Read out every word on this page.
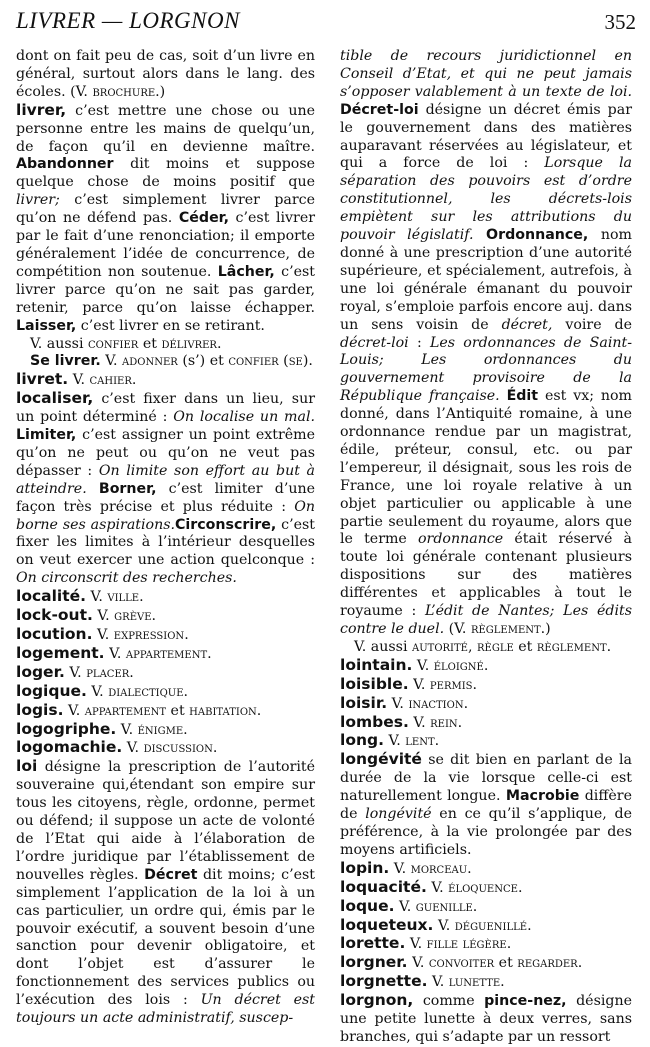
LIVRER — LORGNON	352

dont on fait peu de cas, soit d’un livre en général, surtout alors dans le lang. des écoles. (V. brochure.)

livrer, c’est mettre une chose ou une personne entre les mains de quelqu’un, de façon qu’il en devienne maître. Abandonner dit moins et suppose quelque chose de moins positif que livrer; c’est simplement livrer parce qu’on ne défend pas. Céder, c’est livrer par le fait d’une renonciation; il emporte généralement l’idée de concurrence, de compétition non soutenue. Lâcher, c’est livrer parce qu’on ne sait pas garder, retenir, parce qu’on laisse échapper. Laisser, c’est livrer en se retirant.

V. aussi confier et délivrer.

Se livrer. V. adonner (s’) et confier (se).

livret. V. cahier.

localiser, c’est fixer dans un lieu, sur un point déterminé : On localise un mal. Limiter, c’est assigner un point extrême qu’on ne peut ou qu’on ne veut pas dépasser : On limite son effort au but à atteindre. Borner, c’est limiter d’une façon très précise et plus réduite : On borne ses aspirations.Circonscrire, c’est fixer les limites à l’intérieur desquelles on veut exercer une action quelconque : On circonscrit des recherches.

localité. V. ville.

lock-out. V. grève.

locution. V. expression.

logement. V. appartement.

loger. V. placer.

logique. V. dialectique.

logis. V. appartement et habitation.

logogriphe. V. énigme.

logomachie. V. discussion.

loi désigne la prescription de l’autorité souveraine qui,étendant son empire sur tous les citoyens, règle, ordonne, permet ou défend; il suppose un acte de volonté de l’Etat qui aide à l’élaboration de l’ordre juridique par l’établissement de nouvelles règles. Décret dit moins; c’est simplement l’application de la loi à un cas particulier, un ordre qui, émis par le pouvoir exécutif, a souvent besoin d’une sanction pour devenir obligatoire, et dont l’objet est d’assurer le fonctionnement des services publics ou l’exécution des lois : Un décret est toujours un acte administratif, suscep-

tible de recours juridictionnel en Conseil d’Etat, et qui ne peut jamais s’opposer valablement à un texte de loi. Décret-loi désigne un décret émis par le gouvernement dans des matières auparavant réservées au législateur, et qui a force de loi : Lorsque la séparation des pouvoirs est d’ordre constitutionnel, les décrets-lois empiètent sur les attributions du pouvoir législatif. Ordonnance, nom donné à une prescription d’une autorité supérieure, et spécialement, autrefois, à une loi générale émanant du pouvoir royal, s’emploie parfois encore auj. dans un sens voisin de décret, voire de décret-loi : Les ordonnances de Saint-Louis; Les ordonnances du gouvernement provisoire de la République française. Édit est vx; nom donné, dans l’Antiquité romaine, à une ordonnance rendue par un magistrat, édile, préteur, consul, etc. ou par l’empereur, il désignait, sous les rois de France, une loi royale relative à un objet particulier ou applicable à une partie seulement du royaume, alors que le terme ordonnance était réservé à toute loi générale contenant plusieurs dispositions sur des matières différentes et applicables à tout le royaume : L’édit de Nantes; Les édits contre le duel. (V. règlement.)

V. aussi autorité, règle et règlement.

lointain. V. éloigné.

loisible. V. permis.

loisir. V. inaction.

lombes. V. rein.

long. V. lent.

longévité se dit bien en parlant de la durée de la vie lorsque celle-ci est naturellement longue. Macrobie diffère de longévité en ce qu’il s’applique, de préférence, à la vie prolongée par des moyens artificiels.

lopin. V. morceau.

loquacité. V. éloquence.

loque. V. guenille.

loqueteux. V. déguenillé.

lorette. V. fille légère.

lorgner. V. convoiter et regarder.

lorgnette. V. lunette.

lorgnon, comme pince-nez, désigne une petite lunette à deux verres, sans branches, qui s’adapte par un ressort
